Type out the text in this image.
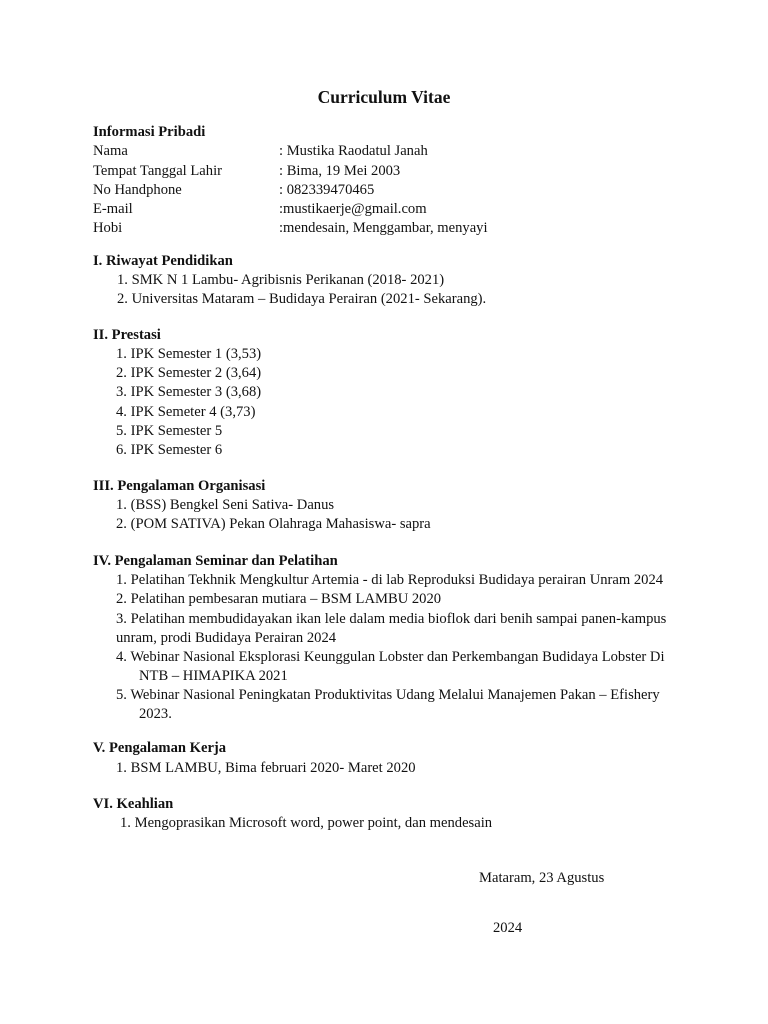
Curriculum Vitae
Informasi Pribadi
Nama	: Mustika Raodatul Janah
Tempat Tanggal Lahir	: Bima, 19 Mei 2003
No Handphone	: 082339470465
E-mail	:mustikaerje@gmail.com
Hobi	:mendesain, Menggambar, menyayi
I. Riwayat Pendidikan
1. SMK N 1 Lambu- Agribisnis Perikanan (2018- 2021)
2. Universitas Mataram – Budidaya Perairan (2021- Sekarang).
II. Prestasi
1. IPK Semester 1 (3,53)
2. IPK Semester 2 (3,64)
3. IPK Semester 3 (3,68)
4. IPK Semeter 4 (3,73)
5. IPK Semester 5
6. IPK Semester 6
III. Pengalaman Organisasi
1. (BSS) Bengkel Seni Sativa- Danus
2. (POM SATIVA) Pekan Olahraga Mahasiswa- sapra
IV. Pengalaman Seminar dan Pelatihan
1. Pelatihan Tekhnik Mengkultur Artemia - di lab Reproduksi Budidaya perairan Unram 2024
2. Pelatihan pembesaran mutiara – BSM LAMBU 2020
3. Pelatihan membudidayakan ikan lele dalam media bioflok dari benih sampai panen-kampus
unram, prodi Budidaya Perairan 2024
4. Webinar Nasional Eksplorasi Keunggulan Lobster dan Perkembangan Budidaya Lobster Di
NTB – HIMAPIKA 2021
5. Webinar Nasional Peningkatan Produktivitas Udang Melalui Manajemen Pakan – Efishery
2023.
V. Pengalaman Kerja
1. BSM LAMBU, Bima februari 2020- Maret 2020
VI. Keahlian
1. Mengoprasikan Microsoft word, power point, dan mendesain
Mataram, 23 Agustus
2024
